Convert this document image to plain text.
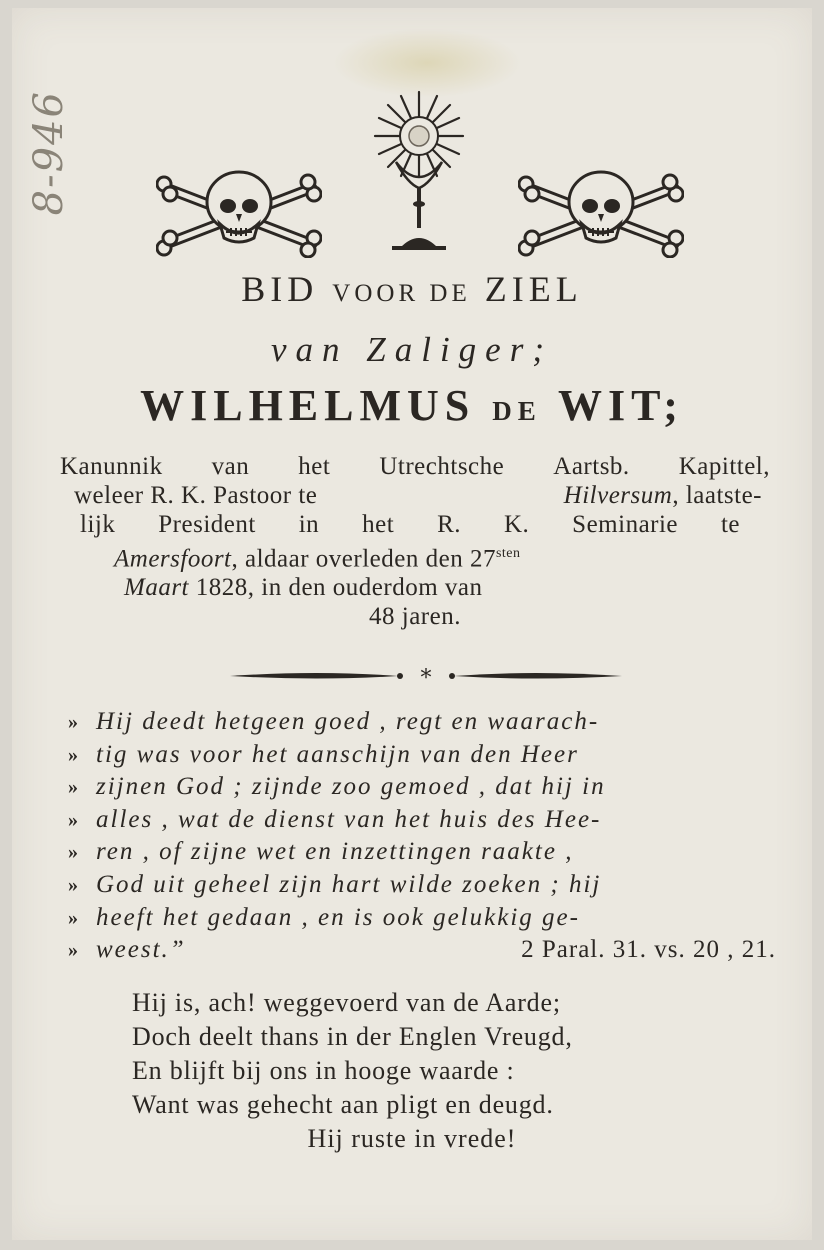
8-946
BID VOOR DE ZIEL
van Zaliger;
WILHELMUS DE WIT;
Kanunnik van het Utrechtsche Aartsb. Kapittel,
weleer R. K. Pastoor te	Hilversum, laatste-
lijk President in het R. K. Seminarie te
Amersfoort, aldaar overleden den $27^{sten}$
Maart 1828, in den ouderdom van
48 jaren.
*
» Hij deedt hetgeen goed , regt en waarach-
» tig was voor het aanschijn van den Heer
» zijnen God ; zijnde zoo gemoed , dat hij in
» alles , wat de dienst van het huis des Hee-
» ren , of zijne wet en inzettingen raakte ,
» God uit geheel zijn hart wilde zoeken ; hij
» heeft het gedaan , en is ook gelukkig ge-
» weest.”	2 Paral. 31. vs. 20 , 21.
Hij is, ach! weggevoerd van de Aarde;
Doch deelt thans in der Englen Vreugd,
En blijft bij ons in hooge waarde :
Want was gehecht aan pligt en deugd.
Hij ruste in vrede!
